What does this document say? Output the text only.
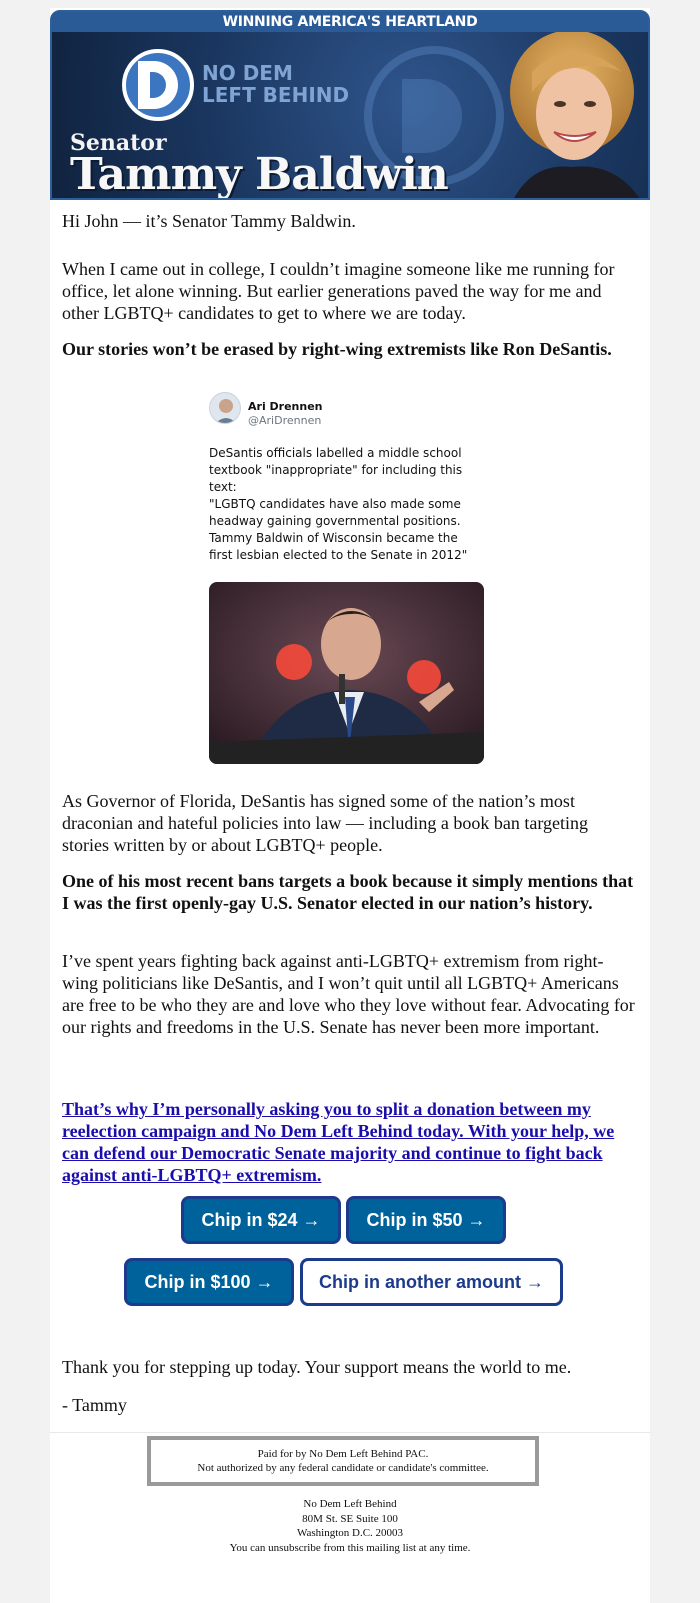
WINNING AMERICA'S HEARTLAND
NO DEM
LEFT BEHIND
Senator
Tammy Baldwin

Hi John — it’s Senator Tammy Baldwin.

When I came out in college, I couldn’t imagine someone like me running for office, let alone winning. But earlier generations paved the way for me and other LGBTQ+ candidates to get to where we are today.

Our stories won’t be erased by right-wing extremists like Ron DeSantis.

Ari Drennen
@AriDrennen
DeSantis officials labelled a middle school textbook "inappropriate" for including this text:
"LGBTQ candidates have also made some headway gaining governmental positions. Tammy Baldwin of Wisconsin became the first lesbian elected to the Senate in 2012"

As Governor of Florida, DeSantis has signed some of the nation’s most draconian and hateful policies into law — including a book ban targeting stories written by or about LGBTQ+ people.

One of his most recent bans targets a book because it simply mentions that I was the first openly-gay U.S. Senator elected in our nation’s history.

I’ve spent years fighting back against anti-LGBTQ+ extremism from right-wing politicians like DeSantis, and I won’t quit until all LGBTQ+ Americans are free to be who they are and love who they love without fear. Advocating for our rights and freedoms in the U.S. Senate has never been more important.

That’s why I’m personally asking you to split a donation between my reelection campaign and No Dem Left Behind today. With your help, we can defend our Democratic Senate majority and continue to fight back against anti-LGBTQ+ extremism.

Thank you for stepping up today. Your support means the world to me.

- Tammy

Chip in $24 →	Chip in $50 →
Chip in $100 →	Chip in another amount →
Paid for by No Dem Left Behind PAC.
Not authorized by any federal candidate or candidate's committee.
No Dem Left Behind
80M St. SE Suite 100
Washington D.C. 20003
You can unsubscribe from this mailing list at any time.
